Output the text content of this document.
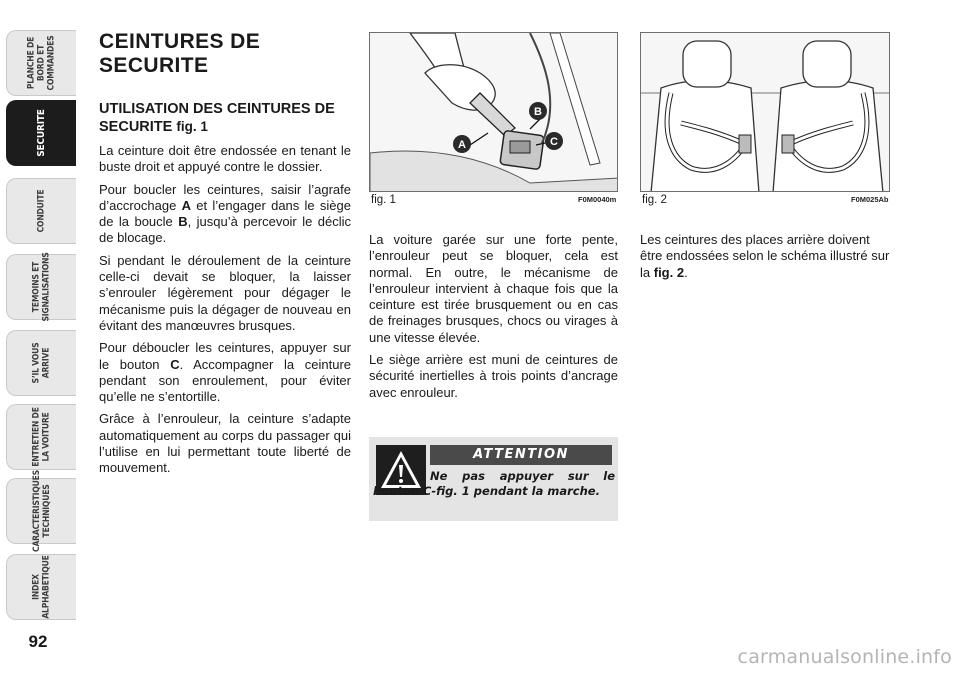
PLANCHE DE
BORD ET
COMMANDES
SECURITE
CONDUITE
TEMOINS ET
SIGNALISATIONS
S’IL VOUS
ARRIVE
ENTRETIEN DE
LA VOITURE
CARACTERISTIQUES
TECHNIQUES
INDEX
ALPHABETIQUE
92
CEINTURES DE SECURITE
UTILISATION DES CEINTURES DE SECURITE fig. 1

La ceinture doit être endossée en tenant le buste droit et appuyé contre le dossier.

Pour boucler les ceintures, saisir l’agrafe d’accrochage A et l’engager dans le siège de la boucle B, jusqu’à percevoir le déclic de blocage.

Si pendant le déroulement de la ceinture celle-ci devait se bloquer, la laisser s’enrouler légèrement pour dégager le mécanisme puis la dégager de nouveau en évitant des manœuvres brusques.

Pour déboucler les ceintures, appuyer sur le bouton C. Accompagner la ceinture pendant son enroulement, pour éviter qu’elle ne s’entortille.

Grâce à l’enrouleur, la ceinture s’adapte automatiquement au corps du passager qui l’utilise en lui permettant toute liberté de mouvement.

A
B
C
fig. 1	F0M0040m fig. 2	F0M025Ab

La voiture garée sur une forte pente, l’enrouleur peut se bloquer, cela est normal. En outre, le mécanisme de l’enrouleur intervient à chaque fois que la ceinture est tirée brusquement ou en cas de freinages brusques, chocs ou virages à une vitesse élevée.

Le siège arrière est muni de ceintures de sécurité inertielles à trois points d’ancrage avec enrouleur.

Les ceintures des places arrière doivent être endossées selon le schéma illustré sur la fig. 2.

ATTENTION
Ne pas appuyer sur le bouton C-fig. 1 pendant la marche.
carmanualsonline.info
